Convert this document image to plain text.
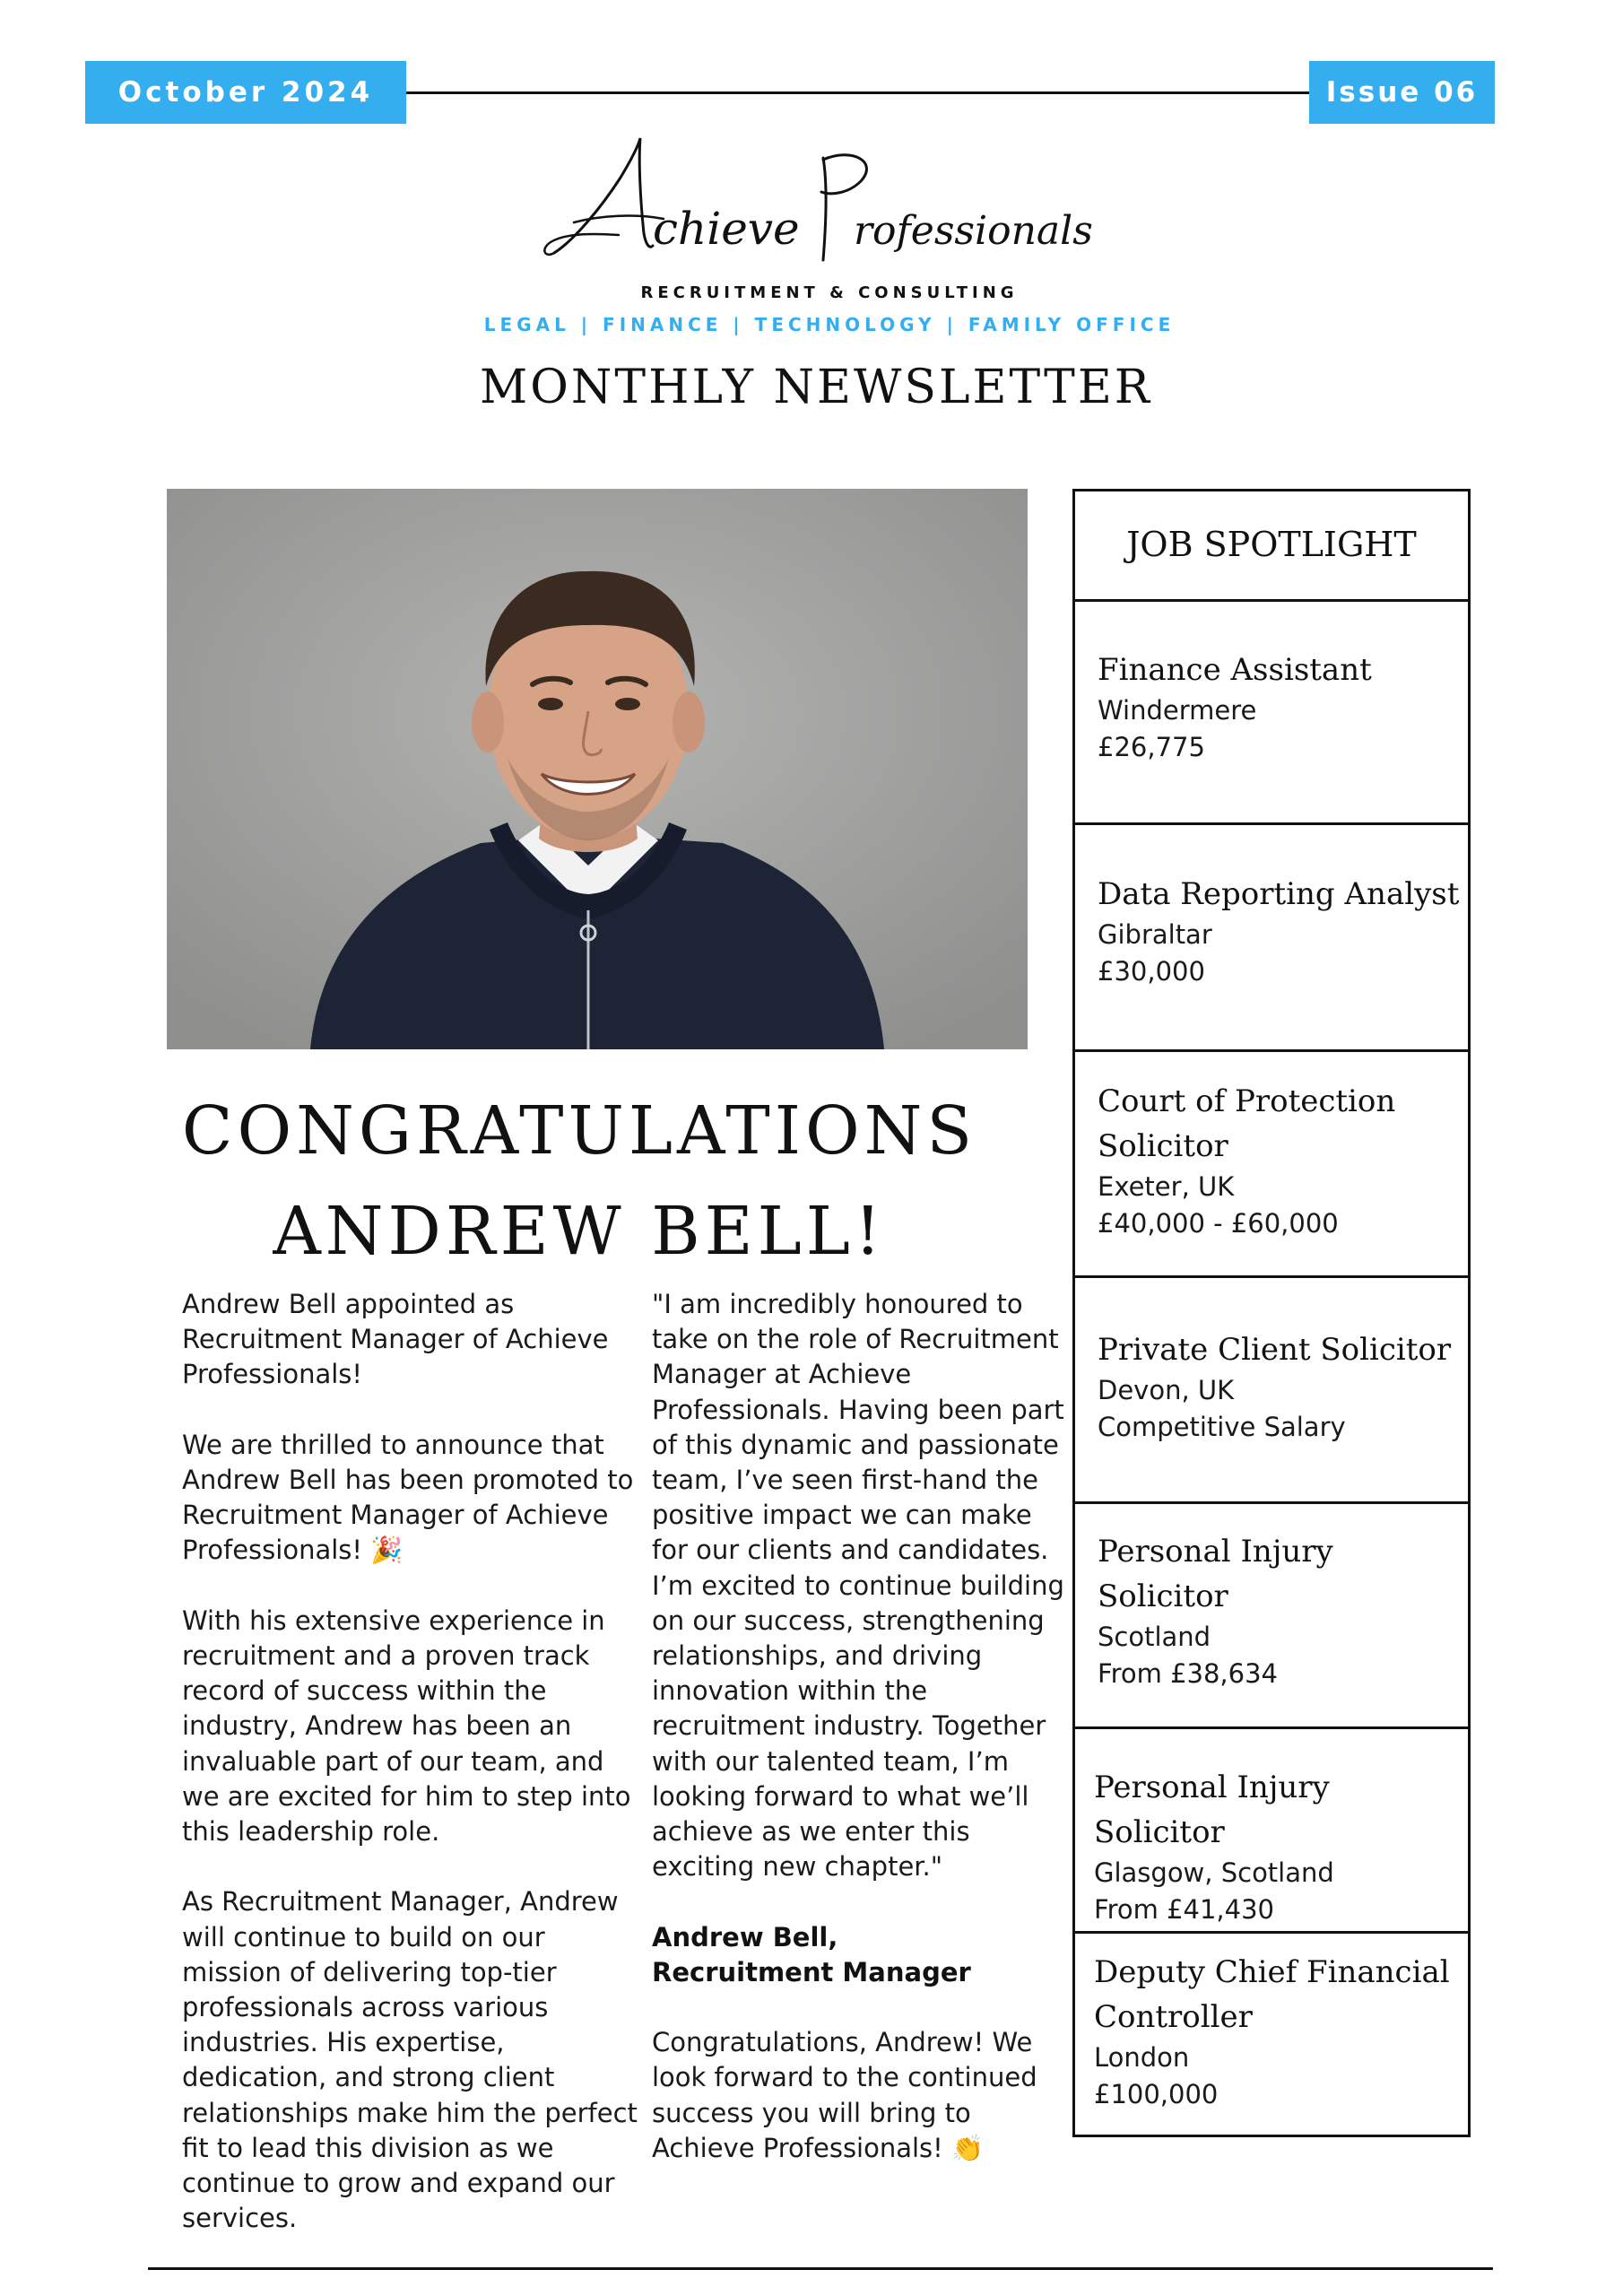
October 2024	Issue 06
chieve rofessionals
RECRUITMENT & CONSULTING
LEGAL | FINANCE | TECHNOLOGY | FAMILY OFFICE
MONTHLY NEWSLETTER
CONGRATULATIONS
ANDREW BELL!

Andrew Bell appointed as Recruitment Manager of Achieve Professionals!

We are thrilled to announce that Andrew Bell has been promoted to Recruitment Manager of Achieve Professionals! 🎉

With his extensive experience in recruitment and a proven track record of success within the industry, Andrew has been an invaluable part of our team, and we are excited for him to step into this leadership role.

As Recruitment Manager, Andrew will continue to build on our mission of delivering top-tier professionals across various industries. His expertise, dedication, and strong client relationships make him the perfect fit to lead this division as we continue to grow and expand our services.

"I am incredibly honoured to take on the role of Recruitment Manager at Achieve Professionals. Having been part of this dynamic and passionate team, I’ve seen first-hand the positive impact we can make for our clients and candidates. I’m excited to continue building on our success, strengthening relationships, and driving innovation within the recruitment industry. Together with our talented team, I’m looking forward to what we’ll achieve as we enter this exciting new chapter."

Andrew Bell,
Recruitment Manager

Congratulations, Andrew! We look forward to the continued success you will bring to Achieve Professionals! 👏

JOB SPOTLIGHT
Finance Assistant
Windermere
£26,775
Data Reporting Analyst
Gibraltar
£30,000
Court of Protection Solicitor
Exeter, UK
£40,000 - £60,000
Private Client Solicitor
Devon, UK
Competitive Salary
Personal Injury Solicitor
Scotland
From £38,634
Personal Injury Solicitor
Glasgow, Scotland
From £41,430
Deputy Chief Financial Controller
London
£100,000
